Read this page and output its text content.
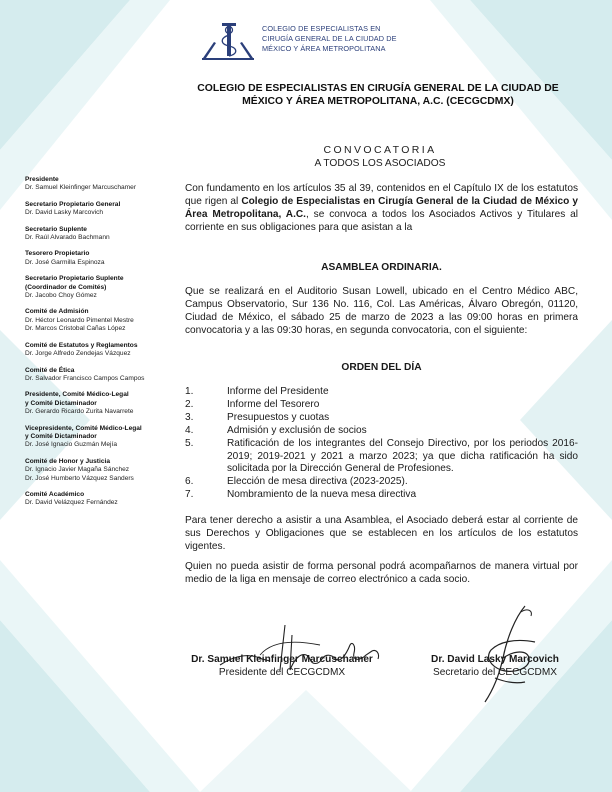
COLEGIO DE ESPECIALISTAS EN
CIRUGÍA GENERAL DE LA CIUDAD DE
MÉXICO Y ÁREA METROPOLITANA
COLEGIO DE ESPECIALISTAS EN CIRUGÍA GENERAL DE LA CIUDAD DE
MÉXICO Y ÁREA METROPOLITANA, A.C. (CECGCDMX)
CONVOCATORIA
A TODOS LOS ASOCIADOS
Presidente
Dr. Samuel Kleinfinger Marcuschamer
Secretario Propietario General
Dr. David Lasky Marcovich
Secretario Suplente
Dr. Raúl Alvarado Bachmann
Tesorero Propietario
Dr. José Garmilla Espinoza
Secretario Propietario Suplente
(Coordinador de Comités)
Dr. Jacobo Choy Gómez
Comité de Admisión
Dr. Héctor Leonardo Pimentel Mestre
Dr. Marcos Cristobal Cañas López
Comité de Estatutos y Reglamentos
Dr. Jorge Alfredo Zendejas Vázquez
Comité de Ética
Dr. Salvador Francisco Campos Campos
Presidente, Comité Médico-Legal
y Comité Dictaminador
Dr. Gerardo Ricardo Zurita Navarrete
Vicepresidente, Comité Médico-Legal
y Comité Dictaminador
Dr. José Ignacio Guzmán Mejía
Comité de Honor y Justicia
Dr. Ignacio Javier Magaña Sánchez
Dr. José Humberto Vázquez Sanders
Comité Académico
Dr. David Velázquez Fernández

Con fundamento en los artículos 35 al 39, contenidos en el Capítulo IX de los estatutos que rigen al Colegio de Especialistas en Cirugía General de la Ciudad de México y Área Metropolitana, A.C., se convoca a todos los Asociados Activos y Titulares al corriente en sus obligaciones para que asistan a la

ASAMBLEA ORDINARIA.

Que se realizará en el Auditorio Susan Lowell, ubicado en el Centro Médico ABC, Campus Observatorio, Sur 136 No. 116, Col. Las Américas, Álvaro Obregón, 01120, Ciudad de México, el sábado 25 de marzo de 2023 a las 09:00 horas en primera convocatoria y a las 09:30 horas, en segunda convocatoria, con el siguiente:

ORDEN DEL DÍA
1.	Informe del Presidente
2.	Informe del Tesorero
3.	Presupuestos y cuotas
4.	Admisión y exclusión de socios
5.	Ratificación de los integrantes del Consejo Directivo, por los periodos 2016-2019; 2019-2021 y 2021 a marzo 2023; ya que dicha ratificación ha sido solicitada por la Dirección General de Profesiones.
6.	Elección de mesa directiva (2023-2025).
7.	Nombramiento de la nueva mesa directiva

Para tener derecho a asistir a una Asamblea, el Asociado deberá estar al corriente de sus Derechos y Obligaciones que se establecen en los artículos de los estatutos vigentes.

Quien no pueda asistir de forma personal podrá acompañarnos de manera virtual por medio de la liga en mensaje de correo electrónico a cada socio.

Dr. Samuel Kleinfinger Marcuschamer
Presidente del CECGCDMX
Dr. David Lasky Marcovich
Secretario del CECGCDMX
